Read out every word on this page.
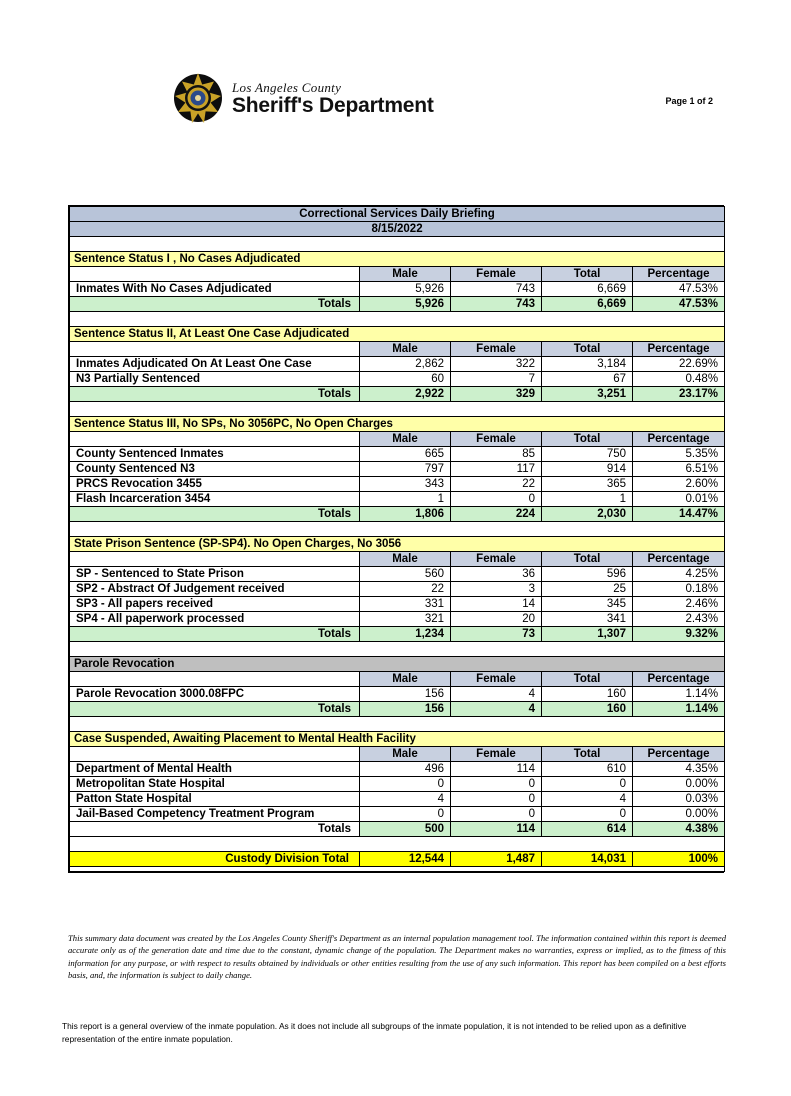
Los Angeles County
Sheriff's Department	Page 1 of 2
Correctional Services Daily Briefing				
8/15/2022				

Sentence Status I , No Cases Adjudicated				
	Male	Female	Total	Percentage
Inmates With No Cases Adjudicated	5,926	743	6,669	47.53%
Totals	5,926	743	6,669	47.53%

Sentence Status II, At Least One Case Adjudicated				
	Male	Female	Total	Percentage
Inmates Adjudicated On At Least One Case	2,862	322	3,184	22.69%
N3 Partially Sentenced	60	7	67	0.48%
Totals	2,922	329	3,251	23.17%

Sentence Status III, No SPs, No 3056PC, No Open Charges				
	Male	Female	Total	Percentage
County Sentenced Inmates	665	85	750	5.35%
County Sentenced N3	797	117	914	6.51%
PRCS Revocation 3455	343	22	365	2.60%
Flash Incarceration 3454	1	0	1	0.01%
Totals	1,806	224	2,030	14.47%

State Prison Sentence (SP-SP4). No Open Charges, No 3056				
	Male	Female	Total	Percentage
SP - Sentenced to State Prison	560	36	596	4.25%
SP2 - Abstract Of Judgement received	22	3	25	0.18%
SP3 - All papers received	331	14	345	2.46%
SP4 - All paperwork processed	321	20	341	2.43%
Totals	1,234	73	1,307	9.32%

Parole Revocation				
	Male	Female	Total	Percentage
Parole Revocation 3000.08FPC	156	4	160	1.14%
Totals	156	4	160	1.14%

Case Suspended, Awaiting Placement to Mental Health Facility				
	Male	Female	Total	Percentage
Department of Mental Health	496	114	610	4.35%
Metropolitan State Hospital	0	0	0	0.00%
Patton State Hospital	4	0	4	0.03%
Jail-Based Competency Treatment Program	0	0	0	0.00%
Totals	500	114	614	4.38%

Custody Division Total	12,544	1,487	14,031	100%

This summary data document was created by the Los Angeles County Sheriff's Department as an internal population management tool. The information contained within this report is deemed accurate only as of the generation date and time due to the constant, dynamic change of the population. The Department makes no warranties, express or implied, as to the fitness of this information for any purpose, or with respect to results obtained by individuals or other entities resulting from the use of any such information. This report has been compiled on a best efforts basis, and, the information is subject to daily change.
This report is a general overview of the inmate population. As it does not include all subgroups of the inmate population, it is not intended to be relied upon as a definitive representation of the entire inmate population.
